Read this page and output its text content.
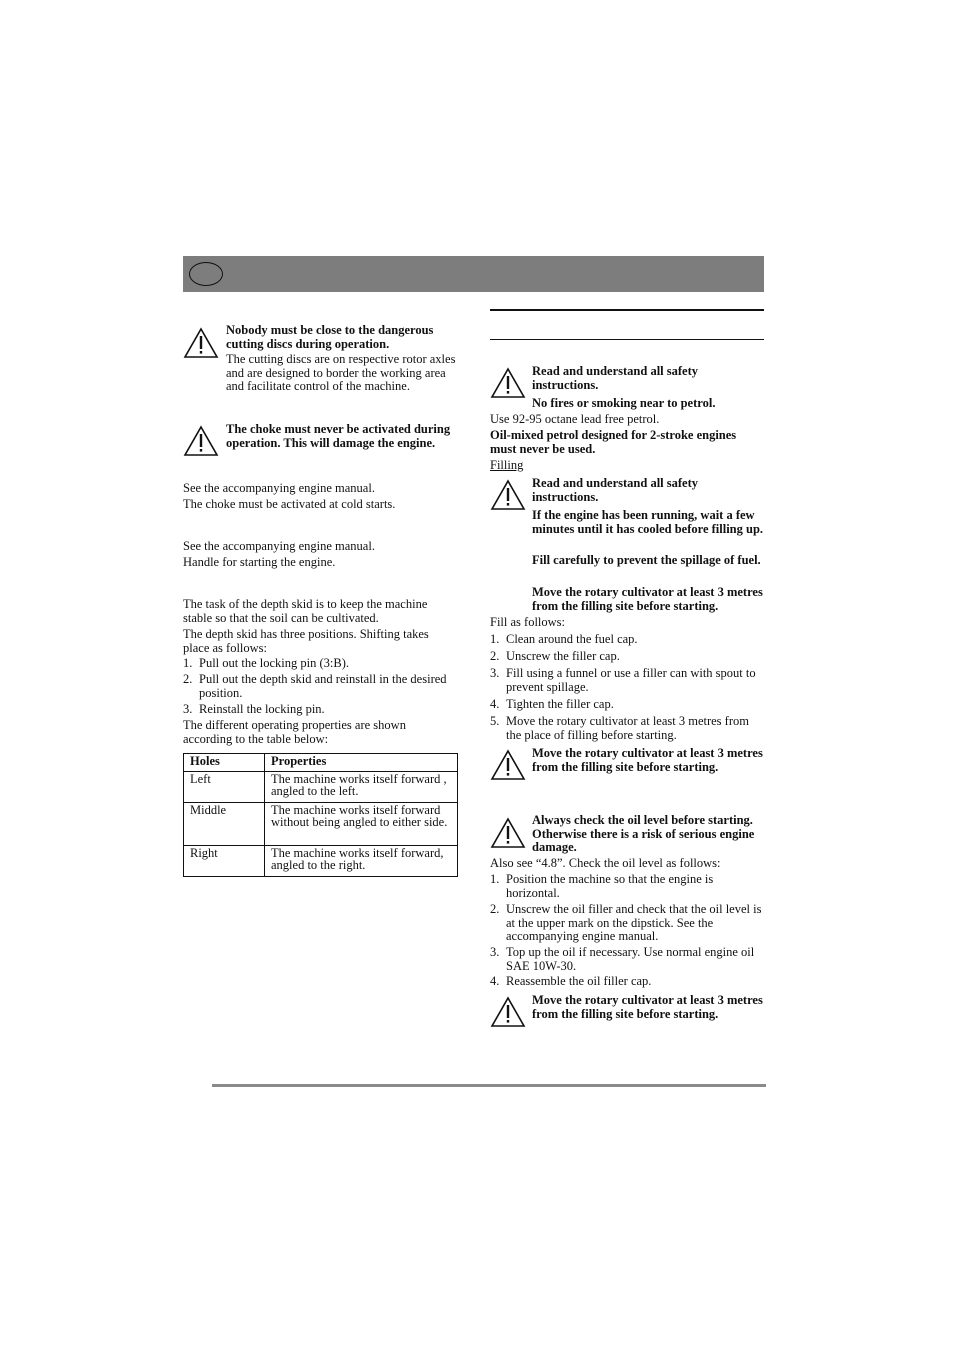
Nobody must be close to the dangerous cutting discs during operation.

The cutting discs are on respective rotor axles and are designed to border the working area and facilitate control of the machine.

The choke must never be activated during operation. This will damage the engine.

See the accompanying engine manual.

The choke must be activated at cold starts.

See the accompanying engine manual.

Handle for starting the engine.

The task of the depth skid is to keep the machine stable so that the soil can be cultivated.

The depth skid has three positions. Shifting takes place as follows:

1. Pull out the locking pin (3:B).
2. Pull out the depth skid and reinstall in the desired position.
3. Reinstall the locking pin.

The different operating properties are shown according to the table below:

Holes	Properties
Left	The machine works itself forward , angled to the left.
Middle	The machine works itself forward without being angled to either side.
Right	The machine works itself forward, angled to the right.

Read and understand all safety instructions.

No fires or smoking near to petrol.

Use 92-95 octane lead free petrol.

Oil-mixed petrol designed for 2-stroke engines must never be used.

Filling

Read and understand all safety instructions.

If the engine has been running, wait a few minutes until it has cooled before filling up.

Fill carefully to prevent the spillage of fuel.

Move the rotary cultivator at least 3 metres from the filling site before starting.

Fill as follows:

1. Clean around the fuel cap.
2. Unscrew the filler cap.
3. Fill using a funnel or use a filler can with spout to prevent spillage.
4. Tighten the filler cap.
5. Move the rotary cultivator at least 3 metres from the place of filling before starting.

Move the rotary cultivator at least 3 metres from the filling site before starting.

Always check the oil level before starting. Otherwise there is a risk of serious engine damage.

Also see “4.8”. Check the oil level as follows:

1. Position the machine so that the engine is horizontal.
2. Unscrew the oil filler and check that the oil level is at the upper mark on the dipstick. See the accompanying engine manual.
3. Top up the oil if necessary. Use normal engine oil SAE 10W-30.
4. Reassemble the oil filler cap.

Move the rotary cultivator at least 3 metres from the filling site before starting.
